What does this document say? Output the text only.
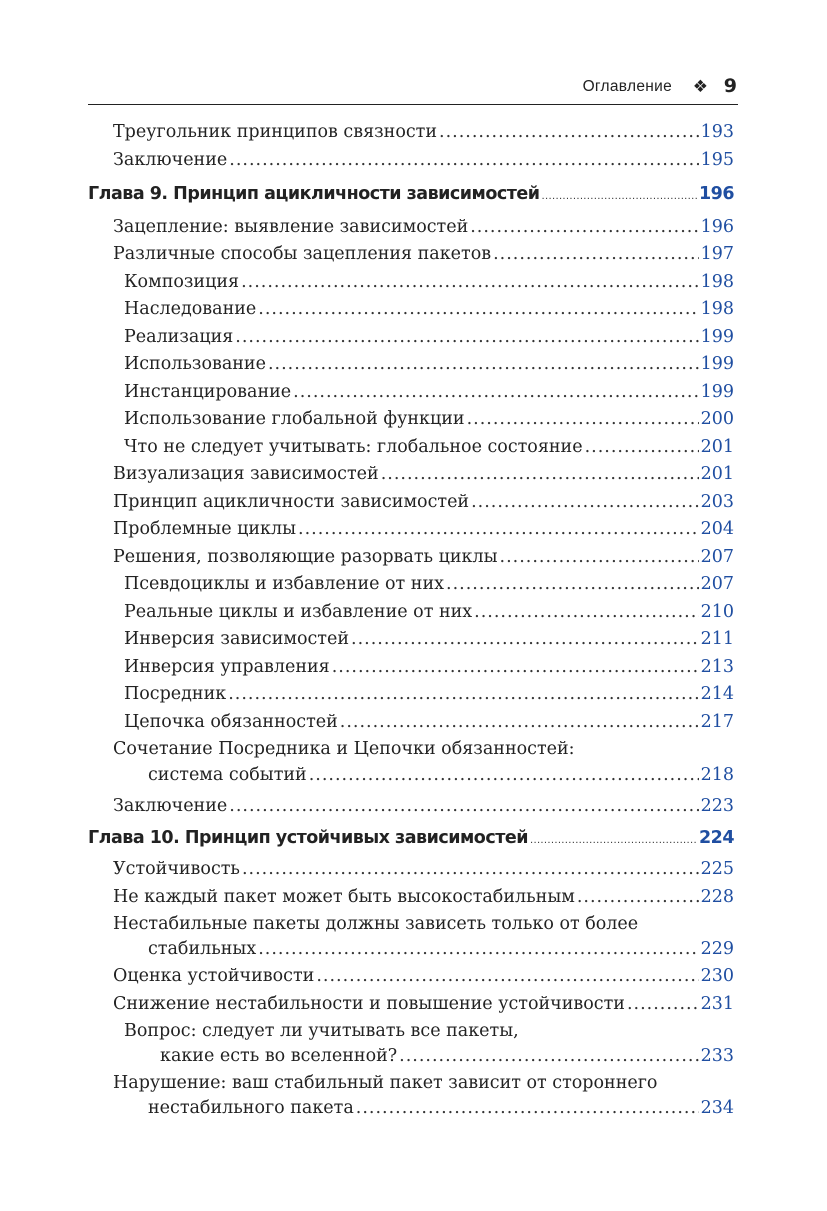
Оглавление ❖ 9
Треугольник принципов связности .....	193
Заключение .....	195
Глава 9. Принцип ацикличности зависимостей .....	196
Зацепление: выявление зависимостей .....	196
Различные способы зацепления пакетов .....	197
Композиция .....	198
Наследование .....	198
Реализация .....	199
Использование .....	199
Инстанцирование .....	199
Использование глобальной функции .....	200
Что не следует учитывать: глобальное состояние .....	201
Визуализация зависимостей .....	201
Принцип ацикличности зависимостей .....	203
Проблемные циклы .....	204
Решения, позволяющие разорвать циклы .....	207
Псевдоциклы и избавление от них .....	207
Реальные циклы и избавление от них .....	210
Инверсия зависимостей .....	211
Инверсия управления .....	213
Посредник .....	214
Цепочка обязанностей .....	217
Сочетание Посредника и Цепочки обязанностей:
система событий .....	218
Заключение .....	223
Глава 10. Принцип устойчивых зависимостей .....	224
Устойчивость .....	225
Не каждый пакет может быть высокостабильным .....	228
Нестабильные пакеты должны зависеть только от более
стабильных .....	229
Оценка устойчивости .....	230
Снижение нестабильности и повышение устойчивости .....	231
Вопрос: следует ли учитывать все пакеты,
какие есть во вселенной? .....	233
Нарушение: ваш стабильный пакет зависит от стороннего
нестабильного пакета .....	234
